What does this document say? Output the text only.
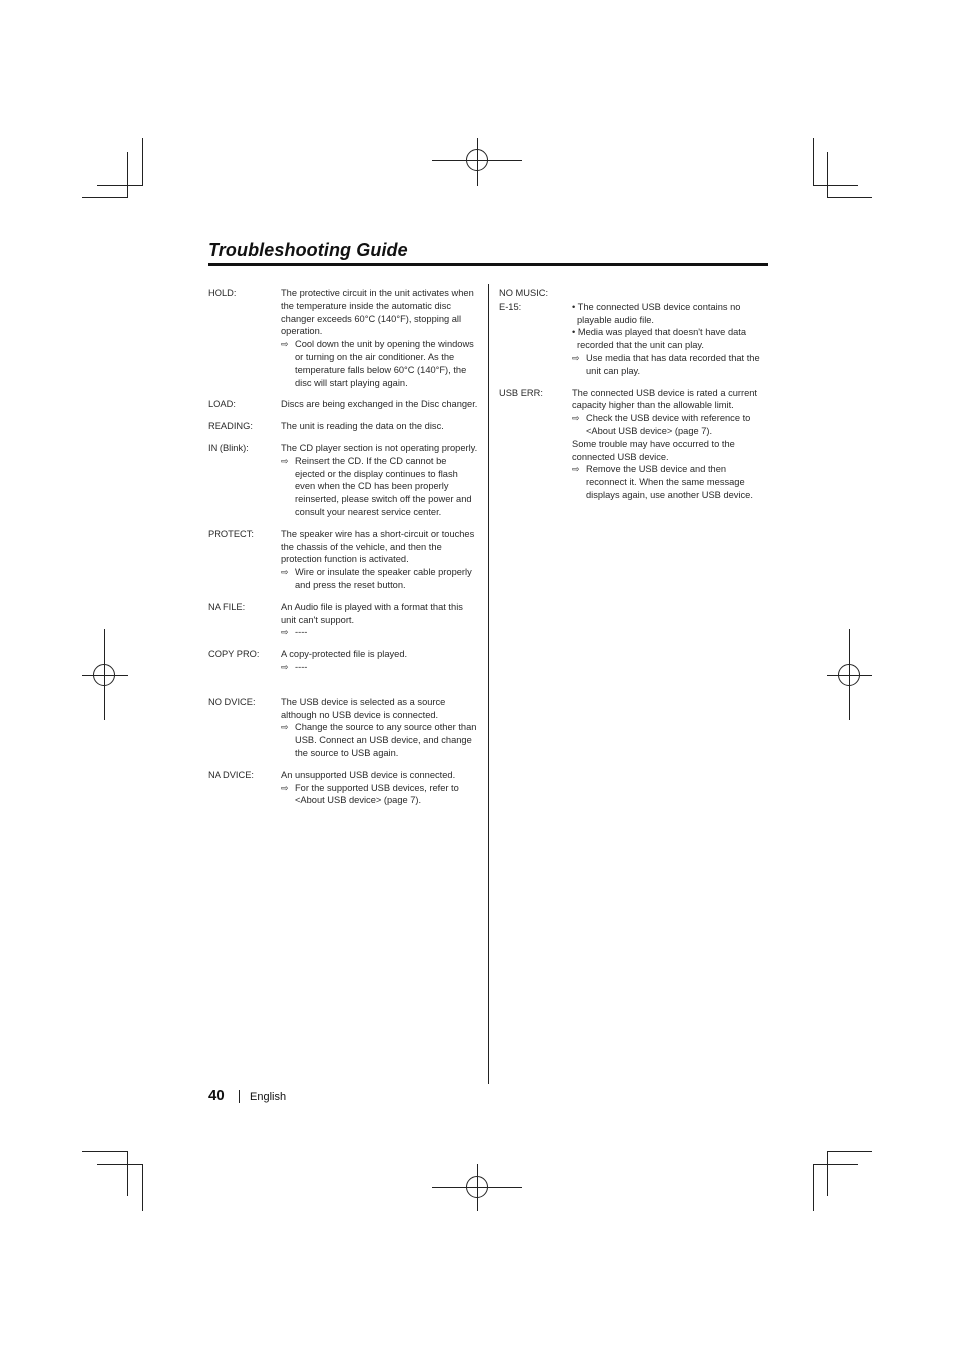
Troubleshooting Guide
HOLD:	The protective circuit in the unit activates when the temperature inside the automatic disc changer exceeds 60°C (140°F), stopping all operation.

⇨ Cool down the unit by opening the windows or turning on the air conditioner. As the temperature falls below 60°C (140°F), the disc will start playing again.

LOAD:	Discs are being exchanged in the Disc changer.

READING:	The unit is reading the data on the disc.

IN (Blink):	The CD player section is not operating properly.

⇨ Reinsert the CD. If the CD cannot be ejected or the display continues to flash even when the CD has been properly reinserted, please switch off the power and consult your nearest service center.

PROTECT:	The speaker wire has a short-circuit or touches the chassis of the vehicle, and then the protection function is activated.

⇨ Wire or insulate the speaker cable properly and press the reset button.

NA FILE:	An Audio file is played with a format that this unit can't support.

⇨ ----

COPY PRO:	A copy-protected file is played.

⇨ ----

NO DVICE:	The USB device is selected as a source although no USB device is connected.

⇨ Change the source to any source other than USB. Connect an USB device, and change the source to USB again.

NA DVICE:	An unsupported USB device is connected.

⇨ For the supported USB devices, refer to <About USB device> (page 7).

NO MUSIC:
E-15:	• The connected USB device contains no playable audio file.

• Media was played that doesn't have data recorded that the unit can play.

⇨ Use media that has data recorded that the unit can play.

USB ERR:	The connected USB device is rated a current capacity higher than the allowable limit.

⇨ Check the USB device with reference to <About USB device> (page 7).

Some trouble may have occurred to the connected USB device.

⇨ Remove the USB device and then reconnect it. When the same message displays again, use another USB device.

40 English
